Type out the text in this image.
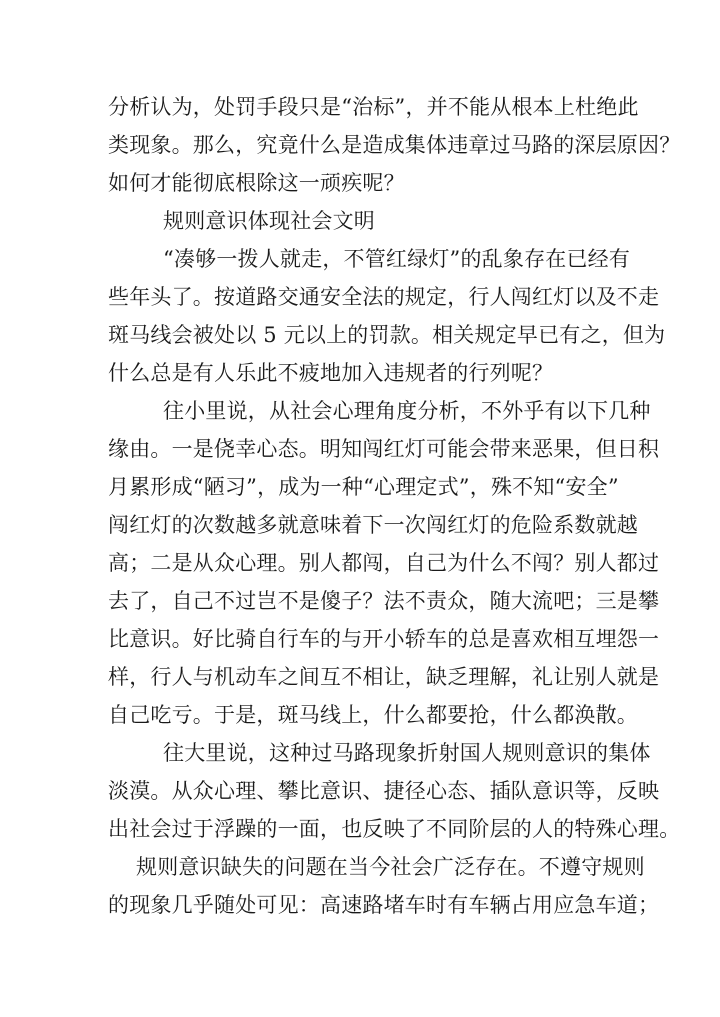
分析认为，处罚手段只是“治标”，并不能从根本上杜绝此

类现象。那么，究竟什么是造成集体违章过马路的深层原因？

如何才能彻底根除这一顽疾呢？

规则意识体现社会文明

“凑够一拨人就走，不管红绿灯”的乱象存在已经有

些年头了。按道路交通安全法的规定，行人闯红灯以及不走

斑马线会被处以 5 元以上的罚款。相关规定早已有之，但为

什么总是有人乐此不疲地加入违规者的行列呢？

往小里说，从社会心理角度分析，不外乎有以下几种

缘由。一是侥幸心态。明知闯红灯可能会带来恶果，但日积

月累形成“陋习”，成为一种“心理定式”，殊不知“安全”

闯红灯的次数越多就意味着下一次闯红灯的危险系数就越

高；二是从众心理。别人都闯，自己为什么不闯？别人都过

去了，自己不过岂不是傻子？法不责众，随大流吧；三是攀

比意识。好比骑自行车的与开小轿车的总是喜欢相互埋怨一

样，行人与机动车之间互不相让，缺乏理解，礼让别人就是

自己吃亏。于是，斑马线上，什么都要抢，什么都涣散。

往大里说，这种过马路现象折射国人规则意识的集体

淡漠。从众心理、攀比意识、捷径心态、插队意识等，反映

出社会过于浮躁的一面，也反映了不同阶层的人的特殊心理。

规则意识缺失的问题在当今社会广泛存在。不遵守规则

的现象几乎随处可见：高速路堵车时有车辆占用应急车道；
